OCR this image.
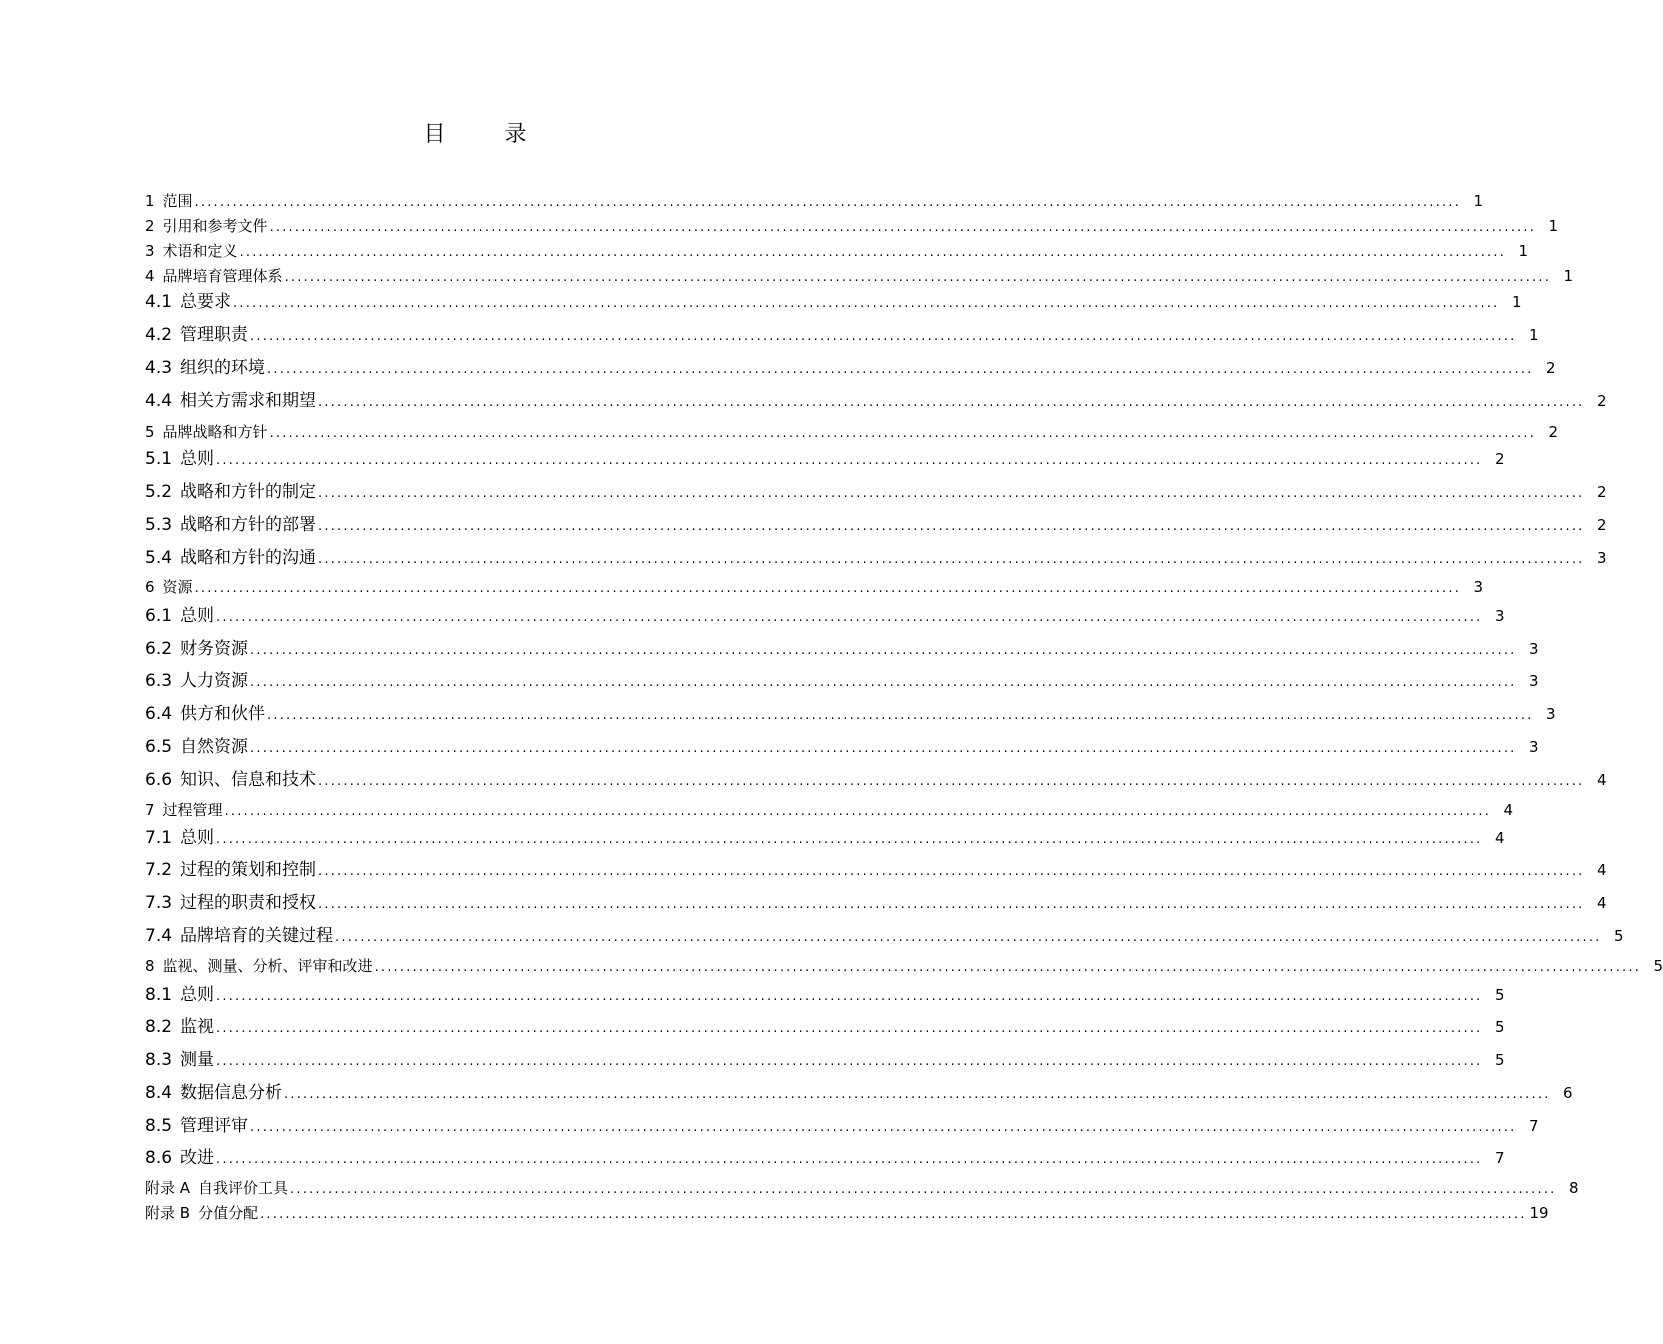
目 录
1 范围 ........................................................................................................................................................................................................ 1
2 引用和参考文件 ........................................................................................................................................................................................................ 1
3 术语和定义 ........................................................................................................................................................................................................ 1
4 品牌培育管理体系 ........................................................................................................................................................................................................ 1
4.1 总要求 ........................................................................................................................................................................................................ 1
4.2 管理职责 ........................................................................................................................................................................................................ 1
4.3 组织的环境 ........................................................................................................................................................................................................ 2
4.4 相关方需求和期望 ........................................................................................................................................................................................................ 2
5 品牌战略和方针 ........................................................................................................................................................................................................ 2
5.1 总则 ........................................................................................................................................................................................................ 2
5.2 战略和方针的制定 ........................................................................................................................................................................................................ 2
5.3 战略和方针的部署 ........................................................................................................................................................................................................ 2
5.4 战略和方针的沟通 ........................................................................................................................................................................................................ 3
6 资源 ........................................................................................................................................................................................................ 3
6.1 总则 ........................................................................................................................................................................................................ 3
6.2 财务资源 ........................................................................................................................................................................................................ 3
6.3 人力资源 ........................................................................................................................................................................................................ 3
6.4 供方和伙伴 ........................................................................................................................................................................................................ 3
6.5 自然资源 ........................................................................................................................................................................................................ 3
6.6 知识、信息和技术 ........................................................................................................................................................................................................ 4
7 过程管理 ........................................................................................................................................................................................................ 4
7.1 总则 ........................................................................................................................................................................................................ 4
7.2 过程的策划和控制 ........................................................................................................................................................................................................ 4
7.3 过程的职责和授权 ........................................................................................................................................................................................................ 4
7.4 品牌培育的关键过程 ........................................................................................................................................................................................................ 5
8 监视、测量、分析、评审和改进 ........................................................................................................................................................................................................ 5
8.1 总则 ........................................................................................................................................................................................................ 5
8.2 监视 ........................................................................................................................................................................................................ 5
8.3 测量 ........................................................................................................................................................................................................ 5
8.4 数据信息分析 ........................................................................................................................................................................................................ 6
8.5 管理评审 ........................................................................................................................................................................................................ 7
8.6 改进 ........................................................................................................................................................................................................ 7
附录 A 自我评价工具 ........................................................................................................................................................................................................ 8
附录 B 分值分配 ........................................................................................................................................................................................................ 19
